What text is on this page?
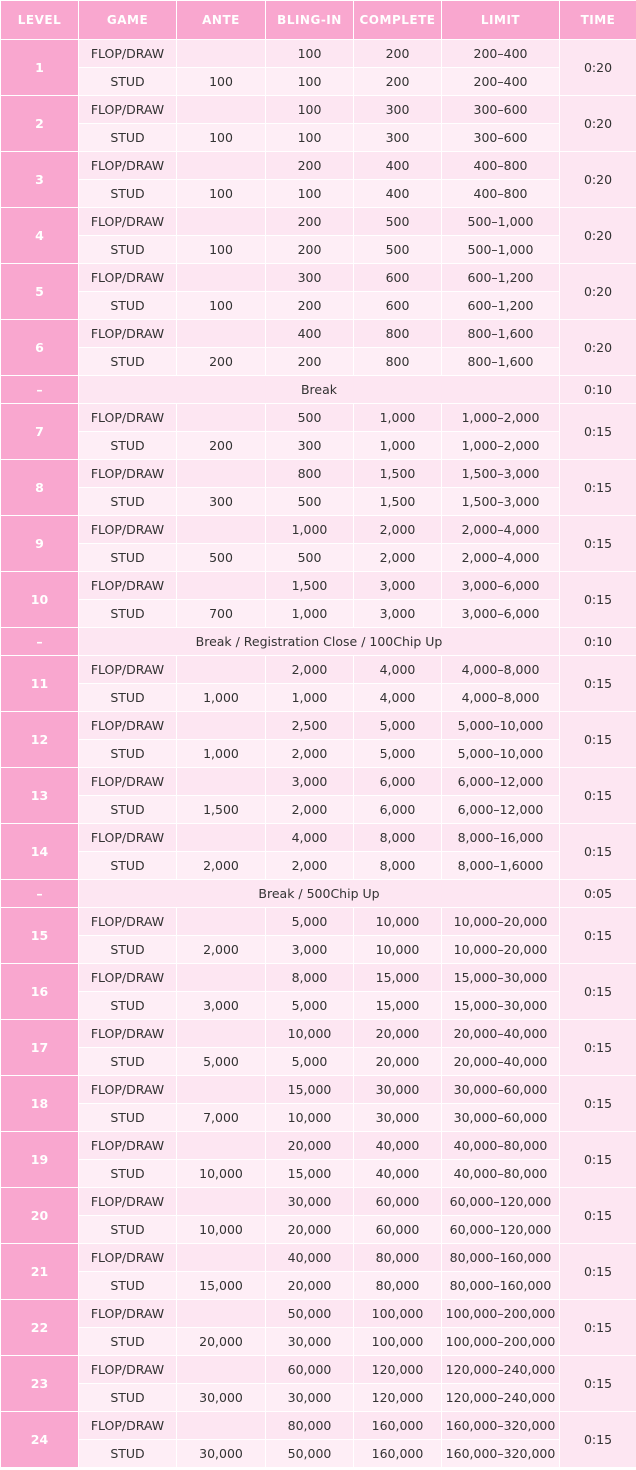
LEVEL	GAME	ANTE	BLING-IN	COMPLETE	LIMIT	TIME
1	FLOP/DRAW		100	200	200–400	0:20
	STUD	100	100	200	200–400	
2	FLOP/DRAW		100	300	300–600	0:20
	STUD	100	100	300	300–600	
3	FLOP/DRAW		200	400	400–800	0:20
	STUD	100	100	400	400–800	
4	FLOP/DRAW		200	500	500–1,000	0:20
	STUD	100	200	500	500–1,000	
5	FLOP/DRAW		300	600	600–1,200	0:20
	STUD	100	200	600	600–1,200	
6	FLOP/DRAW		400	800	800–1,600	0:20
	STUD	200	200	800	800–1,600	
–	Break					0:10
7	FLOP/DRAW		500	1,000	1,000–2,000	0:15
	STUD	200	300	1,000	1,000–2,000	
8	FLOP/DRAW		800	1,500	1,500–3,000	0:15
	STUD	300	500	1,500	1,500–3,000	
9	FLOP/DRAW		1,000	2,000	2,000–4,000	0:15
	STUD	500	500	2,000	2,000–4,000	
10	FLOP/DRAW		1,500	3,000	3,000–6,000	0:15
	STUD	700	1,000	3,000	3,000–6,000	
–	Break / Registration Close / 100Chip Up					0:10
11	FLOP/DRAW		2,000	4,000	4,000–8,000	0:15
	STUD	1,000	1,000	4,000	4,000–8,000	
12	FLOP/DRAW		2,500	5,000	5,000–10,000	0:15
	STUD	1,000	2,000	5,000	5,000–10,000	
13	FLOP/DRAW		3,000	6,000	6,000–12,000	0:15
	STUD	1,500	2,000	6,000	6,000–12,000	
14	FLOP/DRAW		4,000	8,000	8,000–16,000	0:15
	STUD	2,000	2,000	8,000	8,000–1,6000	
–	Break / 500Chip Up					0:05
15	FLOP/DRAW		5,000	10,000	10,000–20,000	0:15
	STUD	2,000	3,000	10,000	10,000–20,000	
16	FLOP/DRAW		8,000	15,000	15,000–30,000	0:15
	STUD	3,000	5,000	15,000	15,000–30,000	
17	FLOP/DRAW		10,000	20,000	20,000–40,000	0:15
	STUD	5,000	5,000	20,000	20,000–40,000	
18	FLOP/DRAW		15,000	30,000	30,000–60,000	0:15
	STUD	7,000	10,000	30,000	30,000–60,000	
19	FLOP/DRAW		20,000	40,000	40,000–80,000	0:15
	STUD	10,000	15,000	40,000	40,000–80,000	
20	FLOP/DRAW		30,000	60,000	60,000–120,000	0:15
	STUD	10,000	20,000	60,000	60,000–120,000	
21	FLOP/DRAW		40,000	80,000	80,000–160,000	0:15
	STUD	15,000	20,000	80,000	80,000–160,000	
22	FLOP/DRAW		50,000	100,000	100,000–200,000	0:15
	STUD	20,000	30,000	100,000	100,000–200,000	
23	FLOP/DRAW		60,000	120,000	120,000–240,000	0:15
	STUD	30,000	30,000	120,000	120,000–240,000	
24	FLOP/DRAW		80,000	160,000	160,000–320,000	0:15
	STUD	30,000	50,000	160,000	160,000–320,000	
